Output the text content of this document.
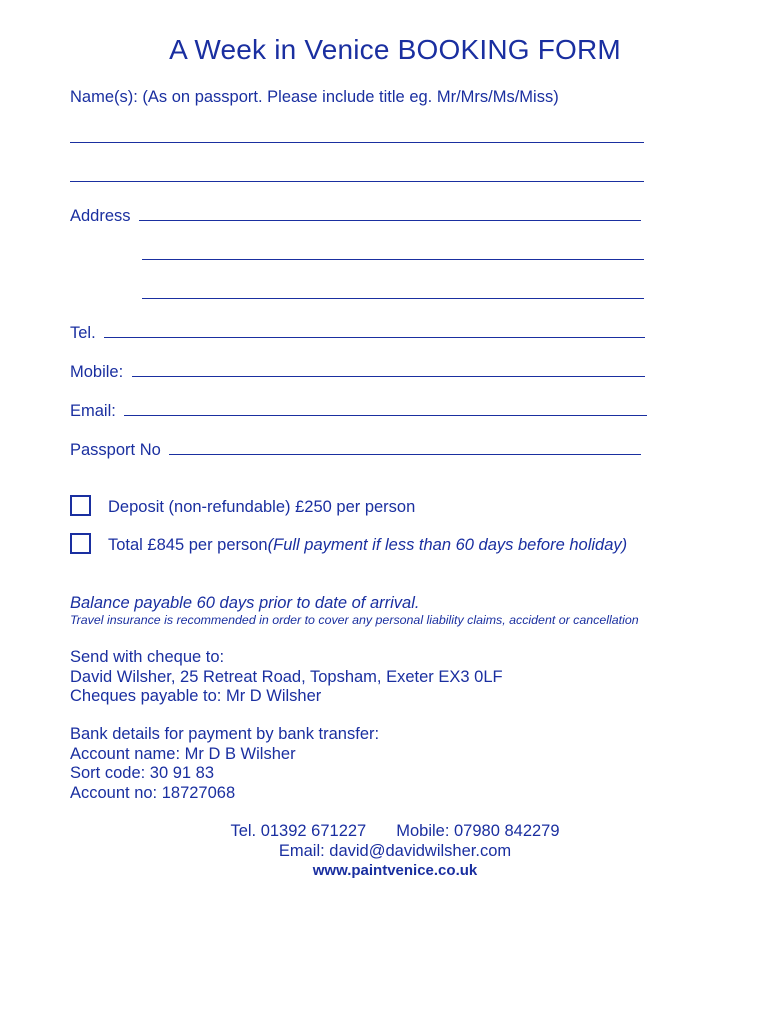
A Week in Venice BOOKING FORM
Name(s): (As on passport. Please include title eg. Mr/Mrs/Ms/Miss)
Address
Tel.
Mobile:
Email:
Passport No
Deposit (non-refundable) £250 per person
Total £845 per person(Full payment if less than 60 days before holiday)
Balance payable 60 days prior to date of arrival.
Travel insurance is recommended in order to cover any personal liability claims, accident or cancellation
Send with cheque to:
David Wilsher, 25 Retreat Road, Topsham, Exeter EX3 0LF
Cheques payable to: Mr D Wilsher
Bank details for payment by bank transfer:
Account name: Mr D B Wilsher
Sort code: 30 91 83
Account no: 18727068
Tel. 01392 671227 Mobile: 07980 842279
Email: david@davidwilsher.com
www.paintvenice.co.uk
